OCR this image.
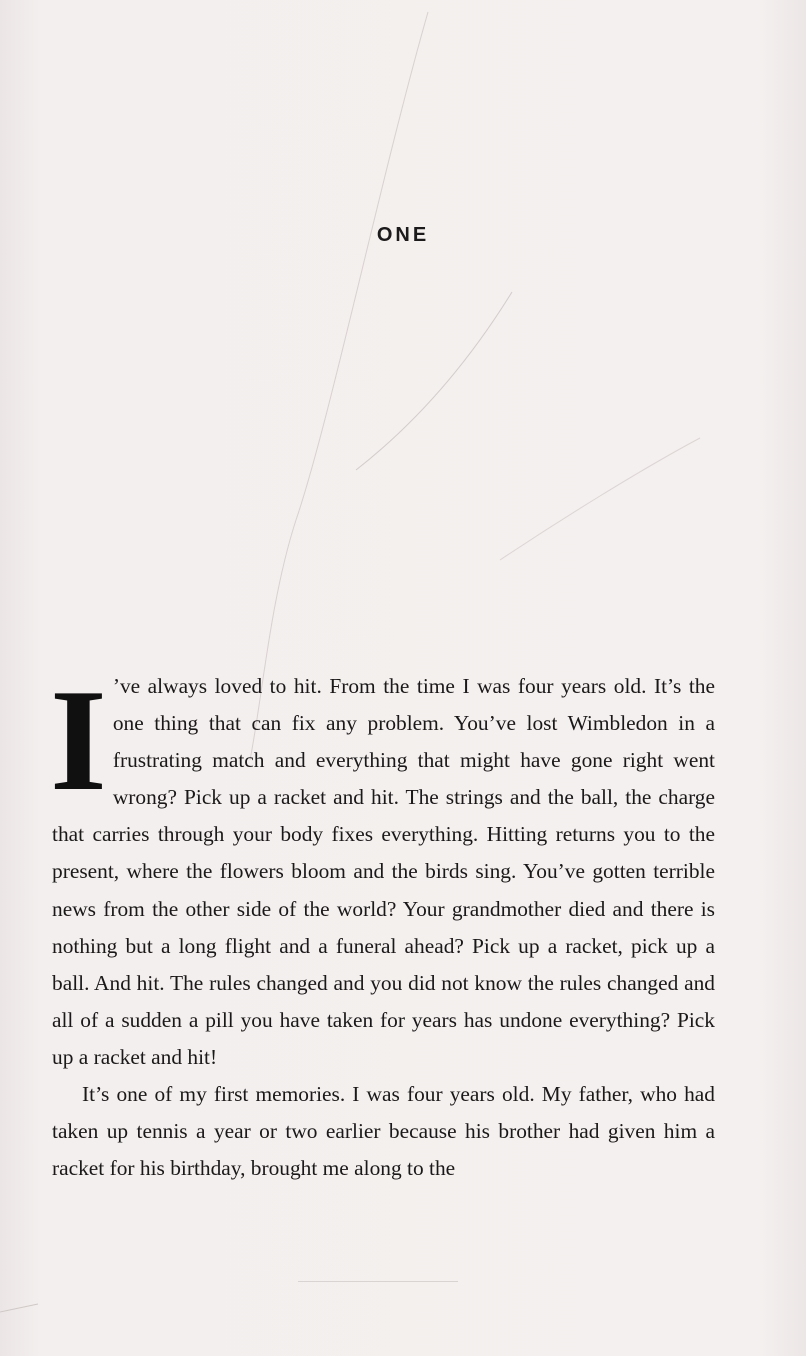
ONE

I ’ve always loved to hit. From the time I was four years old. It’s the one thing that can fix any problem. You’ve lost Wimbledon in a frustrating match and everything that might have gone right went wrong? Pick up a racket and hit. The strings and the ball, the charge that carries through your body fixes everything. Hitting returns you to the present, where the flowers bloom and the birds sing. You’ve gotten terrible news from the other side of the world? Your grandmother died and there is nothing but a long flight and a funeral ahead? Pick up a racket, pick up a ball. And hit. The rules changed and you did not know the rules changed and all of a sudden a pill you have taken for years has undone everything? Pick up a racket and hit!

It’s one of my first memories. I was four years old. My father, who had taken up tennis a year or two earlier because his brother had given him a racket for his birthday, brought me along to the
